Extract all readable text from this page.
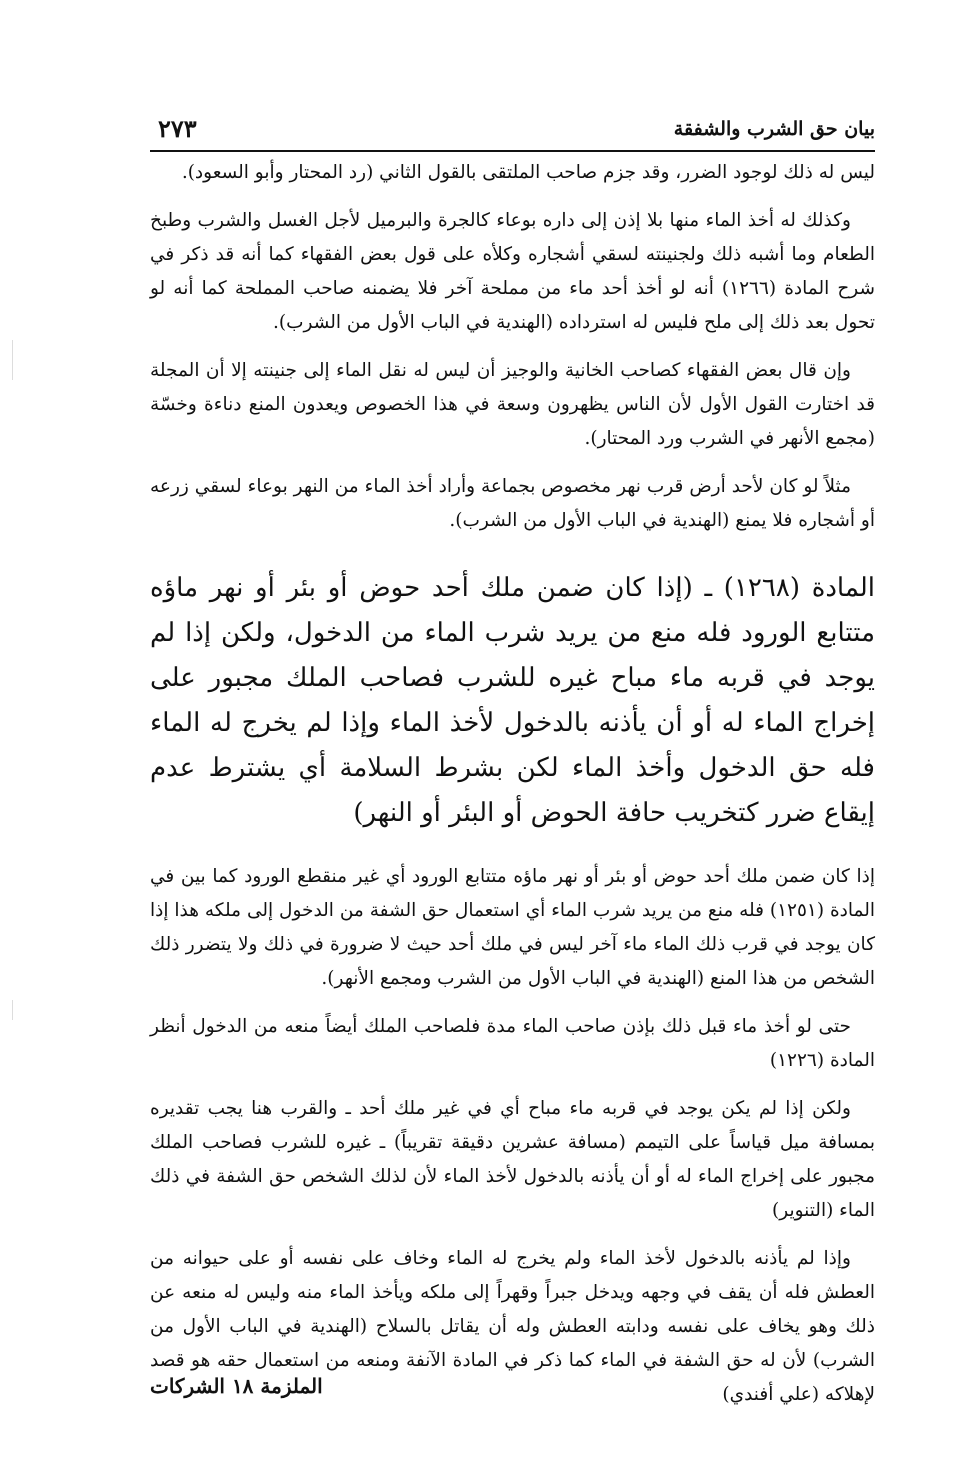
بيان حق الشرب والشفقة
٢٧٣

ليس له ذلك لوجود الضرر، وقد جزم صاحب الملتقى بالقول الثاني (رد المحتار وأبو السعود).

وكذلك له أخذ الماء منها بلا إذن إلى داره بوعاء كالجرة والبرميل لأجل الغسل والشرب وطبخ الطعام وما أشبه ذلك ولجنينته لسقي أشجاره وكلأه على قول بعض الفقهاء كما أنه قد ذكر في شرح المادة (١٢٦٦) أنه لو أخذ أحد ماء من مملحة آخر فلا يضمنه صاحب المملحة كما أنه لو تحول بعد ذلك إلى ملح فليس له استرداده (الهندية في الباب الأول من الشرب).

وإن قال بعض الفقهاء كصاحب الخانية والوجيز أن ليس له نقل الماء إلى جنينته إلا أن المجلة قد اختارت القول الأول لأن الناس يظهرون وسعة في هذا الخصوص ويعدون المنع دناءة وخسّة (مجمع الأنهر في الشرب ورد المحتار).

مثلاً لو كان لأحد أرض قرب نهر مخصوص بجماعة وأراد أخذ الماء من النهر بوعاء لسقي زرعه أو أشجاره فلا يمنع (الهندية في الباب الأول من الشرب).

المادة (١٢٦٨) ـ (إذا كان ضمن ملك أحد حوض أو بئر أو نهر ماؤه متتابع الورود فله منع من يريد شرب الماء من الدخول، ولكن إذا لم يوجد في قربه ماء مباح غيره للشرب فصاحب الملك مجبور على إخراج الماء له أو أن يأذنه بالدخول لأخذ الماء وإذا لم يخرج له الماء فله حق الدخول وأخذ الماء لكن بشرط السلامة أي يشترط عدم إيقاع ضرر كتخريب حافة الحوض أو البئر أو النهر)

إذا كان ضمن ملك أحد حوض أو بئر أو نهر ماؤه متتابع الورود أي غير منقطع الورود كما بين في المادة (١٢٥١) فله منع من يريد شرب الماء أي استعمال حق الشفة من الدخول إلى ملكه هذا إذا كان يوجد في قرب ذلك الماء ماء آخر ليس في ملك أحد حيث لا ضرورة في ذلك ولا يتضرر ذلك الشخص من هذا المنع (الهندية في الباب الأول من الشرب ومجمع الأنهر).

حتى لو أخذ ماء قبل ذلك بإذن صاحب الماء مدة فلصاحب الملك أيضاً منعه من الدخول أنظر المادة (١٢٢٦)

ولكن إذا لم يكن يوجد في قربه ماء مباح أي في غير ملك أحد ـ والقرب هنا يجب تقديره بمسافة ميل قياساً على التيمم (مسافة عشرين دقيقة تقريباً) ـ غيره للشرب فصاحب الملك مجبور على إخراج الماء له أو أن يأذنه بالدخول لأخذ الماء لأن لذلك الشخص حق الشفة في ذلك الماء (التنوير)

وإذا لم يأذنه بالدخول لأخذ الماء ولم يخرج له الماء وخاف على نفسه أو على حيوانه من العطش فله أن يقف في وجهه ويدخل جبراً وقهراً إلى ملكه ويأخذ الماء منه وليس له منعه عن ذلك وهو يخاف على نفسه ودابته العطش وله أن يقاتل بالسلاح (الهندية في الباب الأول من الشرب) لأن له حق الشفة في الماء كما ذكر في المادة الآنفة ومنعه من استعمال حقه هو قصد لإهلاكه (علي أفندي)

الملزمة ١٨ الشركات
